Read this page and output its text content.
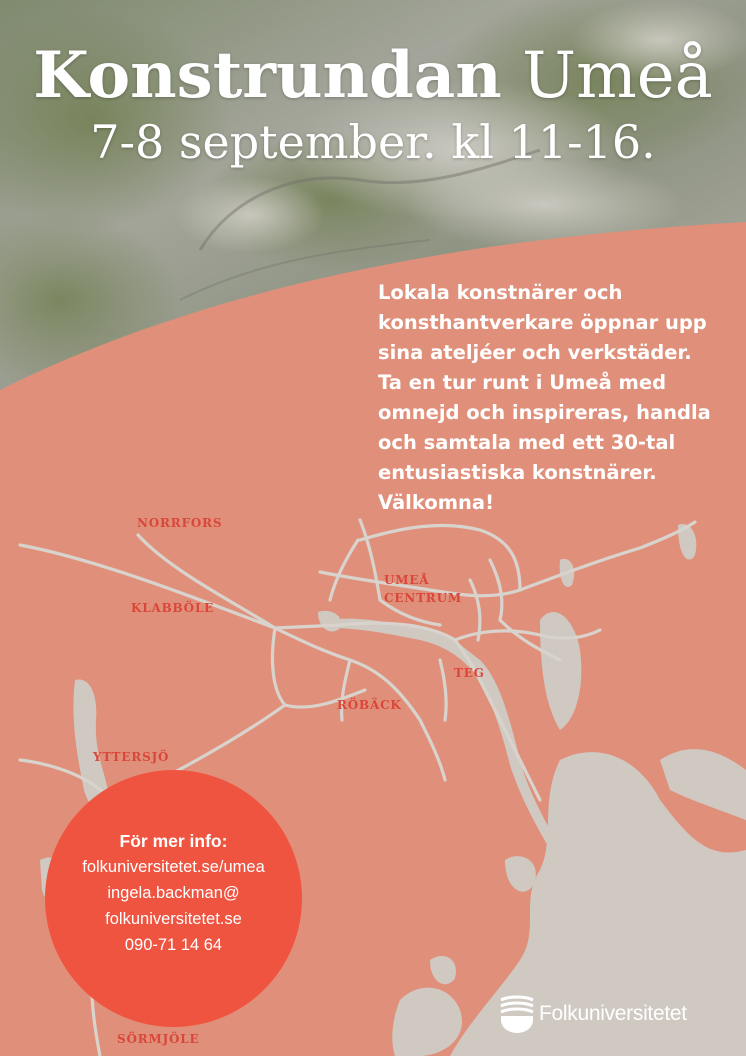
Konstrundan Umeå
7-8 september. kl 11-16.
Lokala konstnärer och
konsthantverkare öppnar upp
sina ateljéer och verkstäder.
Ta en tur runt i Umeå med
omnejd och inspireras, handla
och samtala med ett 30-tal
entusiastiska konstnärer.
Välkomna!
NORRFORS
UMEÅ
CENTRUM
KLABBÖLE
TEG
RÖBÄCK
YTTERSJÖ
SÖRMJÖLE
För mer info:
folkuniversitetet.se/umea
ingela.backman@
folkuniversitetet.se
090-71 14 64
Folkuniversitetet
